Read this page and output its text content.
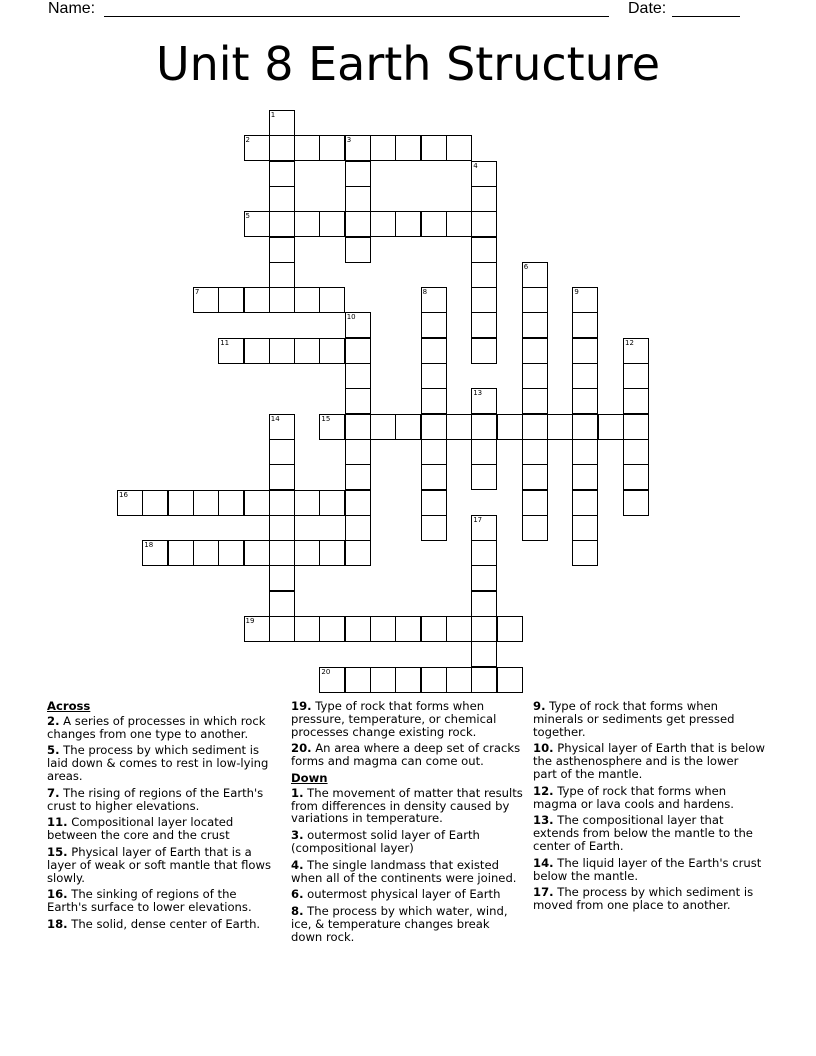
Name:	Date:
Unit 8 Earth Structure
1
2	3
4
5
6
7	8	9
10
11	12
13
14	15
16
17
18
19
20
Across
2. A series of processes in which rock changes from one type to another.
5. The process by which sediment is laid down & comes to rest in low-lying areas.
7. The rising of regions of the Earth's crust to higher elevations.
11. Compositional layer located between the core and the crust
15. Physical layer of Earth that is a layer of weak or soft mantle that flows slowly.
16. The sinking of regions of the Earth's surface to lower elevations.
18. The solid, dense center of Earth.
19. Type of rock that forms when pressure, temperature, or chemical processes change existing rock.
20. An area where a deep set of cracks forms and magma can come out.
Down
1. The movement of matter that results from differences in density caused by variations in temperature.
3. outermost solid layer of Earth (compositional layer)
4. The single landmass that existed when all of the continents were joined.
6. outermost physical layer of Earth
8. The process by which water, wind, ice, & temperature changes break down rock.
9. Type of rock that forms when minerals or sediments get pressed together.
10. Physical layer of Earth that is below the asthenosphere and is the lower part of the mantle.
12. Type of rock that forms when magma or lava cools and hardens.
13. The compositional layer that extends from below the mantle to the center of Earth.
14. The liquid layer of the Earth's crust below the mantle.
17. The process by which sediment is moved from one place to another.
